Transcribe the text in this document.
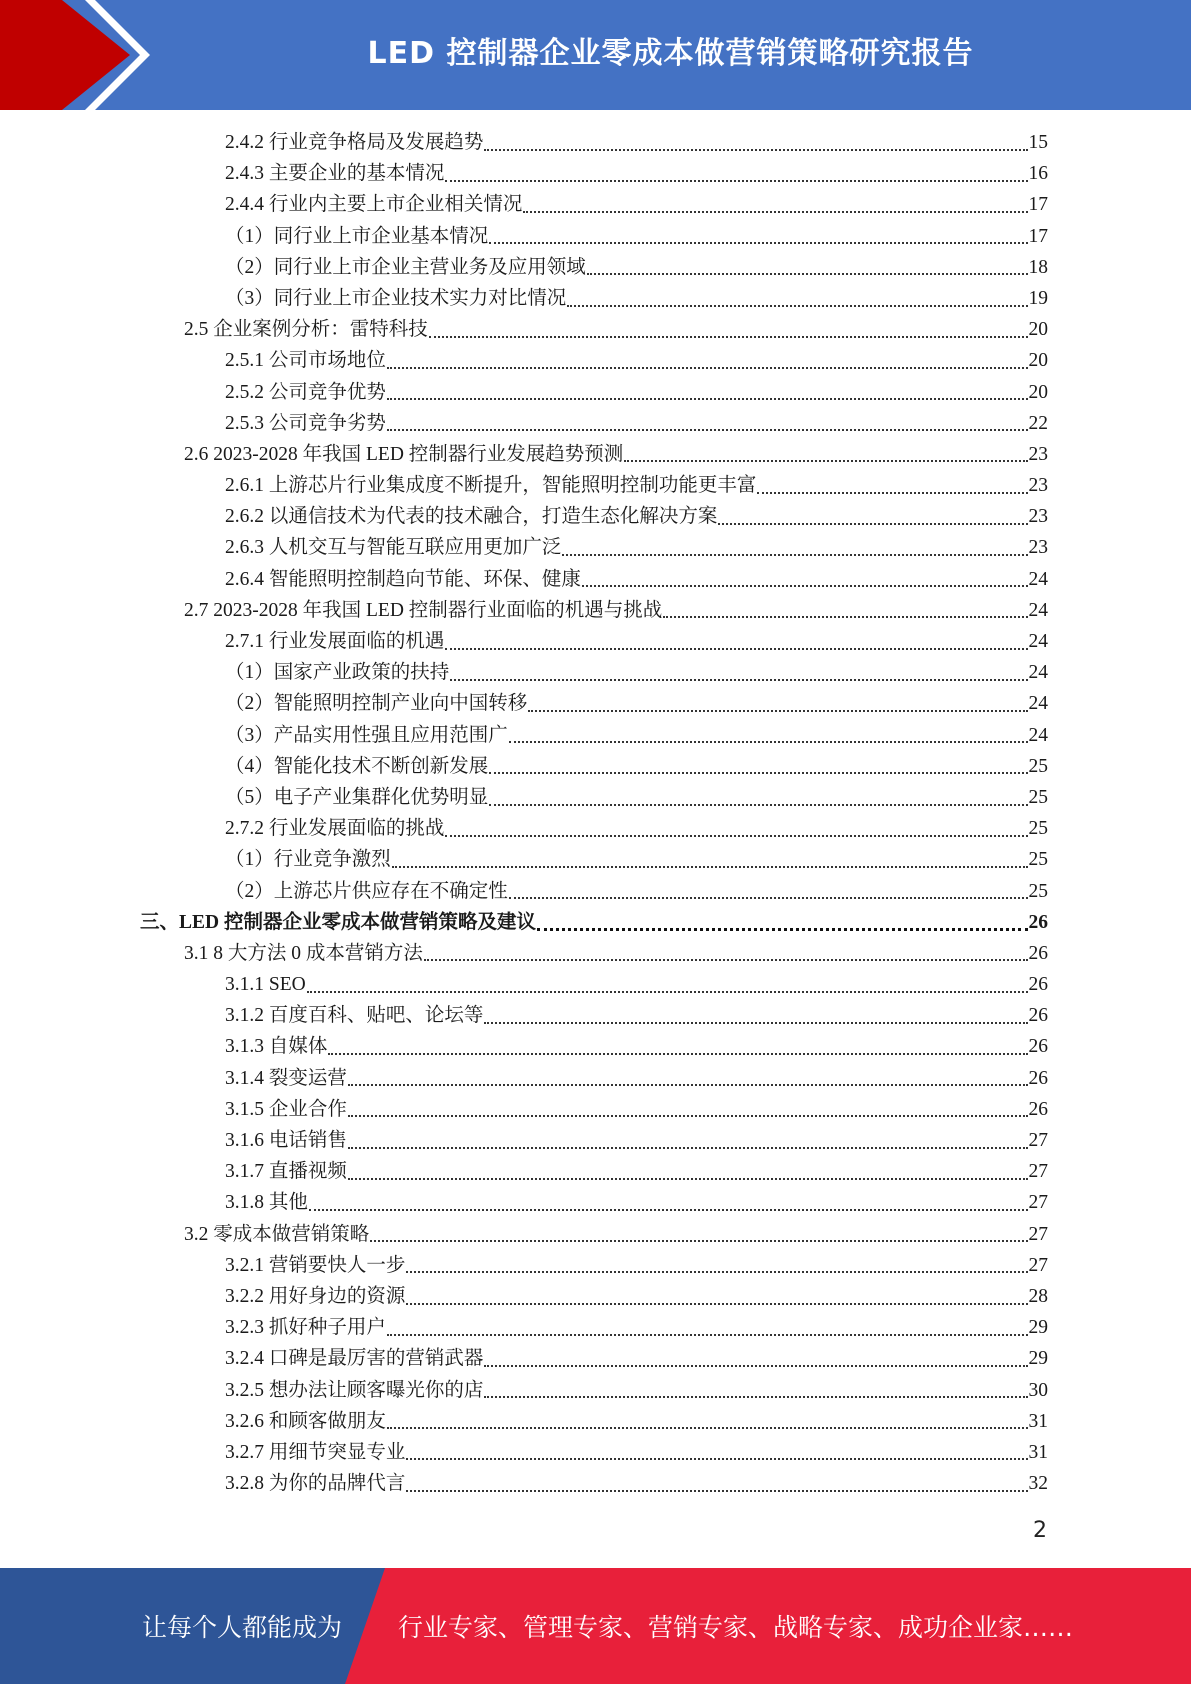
LED 控制器企业零成本做营销策略研究报告
2.4.2 行业竞争格局及发展趋势	15
2.4.3 主要企业的基本情况	16
2.4.4 行业内主要上市企业相关情况	17
（1）同行业上市企业基本情况	17
（2）同行业上市企业主营业务及应用领域	18
（3）同行业上市企业技术实力对比情况	19
2.5 企业案例分析：雷特科技	20
2.5.1 公司市场地位	20
2.5.2 公司竞争优势	20
2.5.3 公司竞争劣势	22
2.6 2023-2028 年我国 LED 控制器行业发展趋势预测	23
2.6.1 上游芯片行业集成度不断提升，智能照明控制功能更丰富	23
2.6.2 以通信技术为代表的技术融合，打造生态化解决方案	23
2.6.3 人机交互与智能互联应用更加广泛	23
2.6.4 智能照明控制趋向节能、环保、健康	24
2.7 2023-2028 年我国 LED 控制器行业面临的机遇与挑战	24
2.7.1 行业发展面临的机遇	24
（1）国家产业政策的扶持	24
（2）智能照明控制产业向中国转移	24
（3）产品实用性强且应用范围广	24
（4）智能化技术不断创新发展	25
（5）电子产业集群化优势明显	25
2.7.2 行业发展面临的挑战	25
（1）行业竞争激烈	25
（2）上游芯片供应存在不确定性	25
三、LED 控制器企业零成本做营销策略及建议	26
3.1 8 大方法 0 成本营销方法	26
3.1.1 SEO	26
3.1.2 百度百科、贴吧、论坛等	26
3.1.3 自媒体	26
3.1.4 裂变运营	26
3.1.5 企业合作	26
3.1.6 电话销售	27
3.1.7 直播视频	27
3.1.8 其他	27
3.2 零成本做营销策略	27
3.2.1 营销要快人一步	27
3.2.2 用好身边的资源	28
3.2.3 抓好种子用户	29
3.2.4 口碑是最厉害的营销武器	29
3.2.5 想办法让顾客曝光你的店	30
3.2.6 和顾客做朋友	31
3.2.7 用细节突显专业	31
3.2.8 为你的品牌代言	32
2
让每个人都能成为 行业专家、管理专家、营销专家、战略专家、成功企业家……
